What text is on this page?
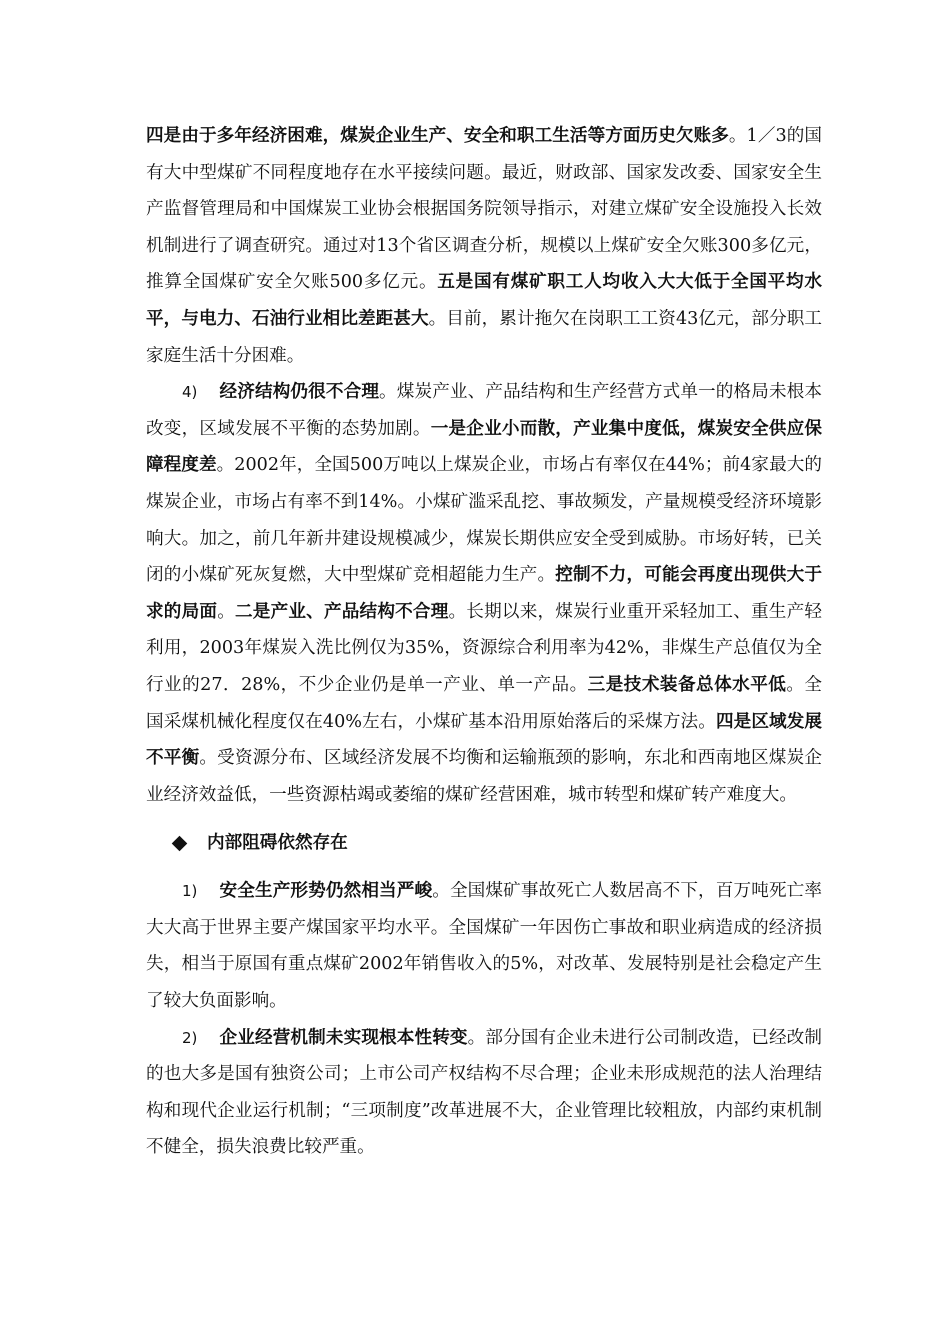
四是由于多年经济困难，煤炭企业生产、安全和职工生活等方面历史欠账多。1／3的国有大中型煤矿不同程度地存在水平接续问题。最近，财政部、国家发改委、国家安全生产监督管理局和中国煤炭工业协会根据国务院领导指示，对建立煤矿安全设施投入长效机制进行了调查研究。通过对13个省区调查分析，规模以上煤矿安全欠账300多亿元，推算全国煤矿安全欠账500多亿元。五是国有煤矿职工人均收入大大低于全国平均水平，与电力、石油行业相比差距甚大。目前，累计拖欠在岗职工工资43亿元，部分职工家庭生活十分困难。

4) 经济结构仍很不合理。煤炭产业、产品结构和生产经营方式单一的格局未根本改变，区域发展不平衡的态势加剧。一是企业小而散，产业集中度低，煤炭安全供应保障程度差。2002年，全国500万吨以上煤炭企业，市场占有率仅在44%；前4家最大的煤炭企业，市场占有率不到14%。小煤矿滥采乱挖、事故频发，产量规模受经济环境影响大。加之，前几年新井建设规模减少，煤炭长期供应安全受到威胁。市场好转，已关闭的小煤矿死灰复燃，大中型煤矿竞相超能力生产。控制不力，可能会再度出现供大于求的局面。二是产业、产品结构不合理。长期以来，煤炭行业重开采轻加工、重生产轻利用，2003年煤炭入洗比例仅为35%，资源综合利用率为42%，非煤生产总值仅为全行业的27．28%，不少企业仍是单一产业、单一产品。三是技术装备总体水平低。全国采煤机械化程度仅在40%左右，小煤矿基本沿用原始落后的采煤方法。四是区域发展不平衡。受资源分布、区域经济发展不均衡和运输瓶颈的影响，东北和西南地区煤炭企业经济效益低，一些资源枯竭或萎缩的煤矿经营困难，城市转型和煤矿转产难度大。

内部阻碍依然存在

1) 安全生产形势仍然相当严峻。全国煤矿事故死亡人数居高不下，百万吨死亡率大大高于世界主要产煤国家平均水平。全国煤矿一年因伤亡事故和职业病造成的经济损失，相当于原国有重点煤矿2002年销售收入的5%，对改革、发展特别是社会稳定产生了较大负面影响。

2) 企业经营机制未实现根本性转变。部分国有企业未进行公司制改造，已经改制的也大多是国有独资公司；上市公司产权结构不尽合理；企业未形成规范的法人治理结构和现代企业运行机制；“三项制度”改革进展不大，企业管理比较粗放，内部约束机制不健全，损失浪费比较严重。
